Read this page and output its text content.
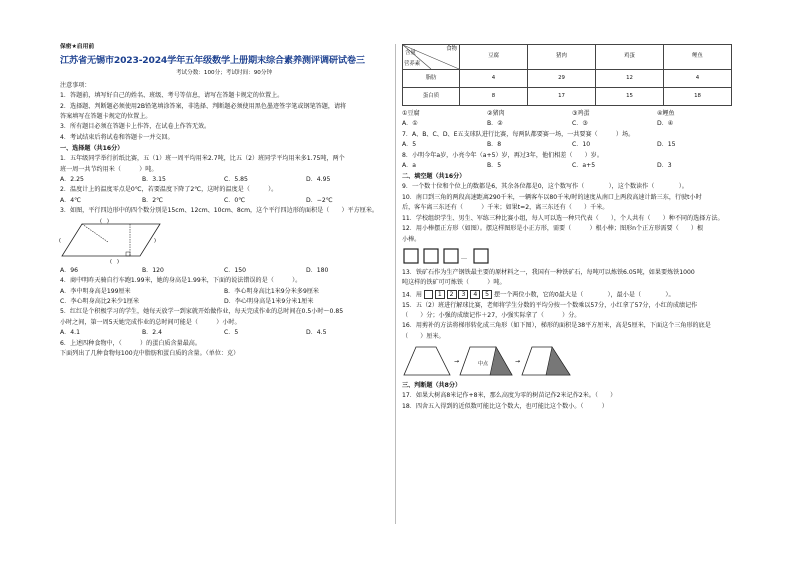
保密★启用前
江苏省无锡市2023-2024学年五年级数学上册期末综合素养测评调研试卷三
考试分数：100分；考试时间：90分钟
注意事项：
1．答题前，填写好自己的姓名、班级、考号等信息，请写在答题卡规定的位置上。
2．选择题、判断题必须使用2B铅笔填涂答案，非选择、判断题必须使用黑色墨迹签字笔或钢笔答题，请将
答案填写在答题卡规定的位置上。
3．所有题目必须在答题卡上作答，在试卷上作答无效。
4．考试结束后将试卷和答题卡一并交回。
一、选择题（共16分）
1．五年级同学举行折纸比赛，五（1）班一周平均用米2.7吨，比五（2）班同学平均用米多1.75吨，两个
班一周一共节约用米（　　　）吨。
A．2.25	B．3.15	C．5.85	D．4.95
2．温度计上的温度零点是0℃，若要温度下降了2℃，这时的温度是（　　　）。
A．4℃	B．2℃	C．0℃	D．−2℃
3．如图，平行四边形中的四个数分别是15cm、12cm、10cm、8cm，这个平行四边形的面积是（　　）平方厘米。
(　)
(　)
(	)
A．96	B．120	C．150	D．180
4．商中明昨天骑自行车跑1.99米，她的身高是1.99米，下面的说法错误的是（　　　）。
A．李中明身高是199厘米	B．李心明身高比1米9分米多9厘米
C．李心明身高比2米少1厘米	D．李心明身高是1米9分米1厘米
5．红红是个积极学习的学生，她每天放学一到家就开始做作业，每天完成作业的总时间在0.5小时～0.85
小时之间，第一周5天她完成作业的总时间可能是（　　　）小时。
A．4.1	B．2.4	C．5	D．4.5
6．上述四种食物中，（　　　）的蛋白质含量最高。
下面列出了几种食物每100克中脂肪和蛋白质的含量。（单位：克）
食物
含量
营养素	豆腐	猪肉	鸡蛋	鲤鱼
脂肪	4	29	12	4
蛋白质	8	17	15	18
①豆腐	②猪肉	③鸡蛋	④鲤鱼
A．①	B．②	C．③	D．④
7．A、B、C、D、E五支球队进行比赛，每两队都要赛一场，一共要赛（　　　）场。
A．5	B．8	C．10	D．15
8．小明今年a岁，小亮今年（a+5）岁，再过3年，他们相差（　　）岁。
A．a	B．5	C．a+5	D．3
二、填空题（共16分）
9．一个数十位和个位上的数都是6，其余各位都是0，这个数写作（　　　　），这个数读作（　　　　）。
10．南口到三角的两段高速距离290千米，一辆客车以80千米/时的速度从南口上两段高速计路三东，行驶t小时
后，客车离三东还有（　　　）千米；如果t=2，离三东还有（　　）千米。
11．学校组织学生、男生、军练三种比赛小组，每人可以选一种只代表（　　），个人共有（　　）种不同的选择方法。
12．用小棒摆正方形（如图）。摆这样图形是小正方形，需要（　　　）根小棒；图形n个正方形需要（　　）根
小棒。
…
13．铁矿石作为生产钢铁最主要的原材料之一，我国有一种铁矿石，每吨可以炼铁6.05吨，如果要炼铁1000
吨这样的铁矿可可炼铁（　　　）吨。
14．用	1 2 3 4 5 摆一个两位小数，它的0最大是（　　　　），最小是（　　　　）。
15．五（2）班进行解球比赛，老师将学生分数的平均分按一个数乘以57分，小红拿了57分，小红的成绩记作
（　　）分；小强的成绩记作＋27，小强实际拿了（　　　）分。
16．用剪补的方法将梯形转化成三角形（如下图），梯形的面积是38平方厘米，高是5厘米，下面这个三角形的底是
（　　）厘米。
中点
→	→
三、判断题（共8分）
17．如果大树高8米记作+8米，那么高度为零的树苗记作2米记作2米。（　　）
18．四舍五入得到的近似数可能比这个数大，也可能比这个数小。（　　　）
